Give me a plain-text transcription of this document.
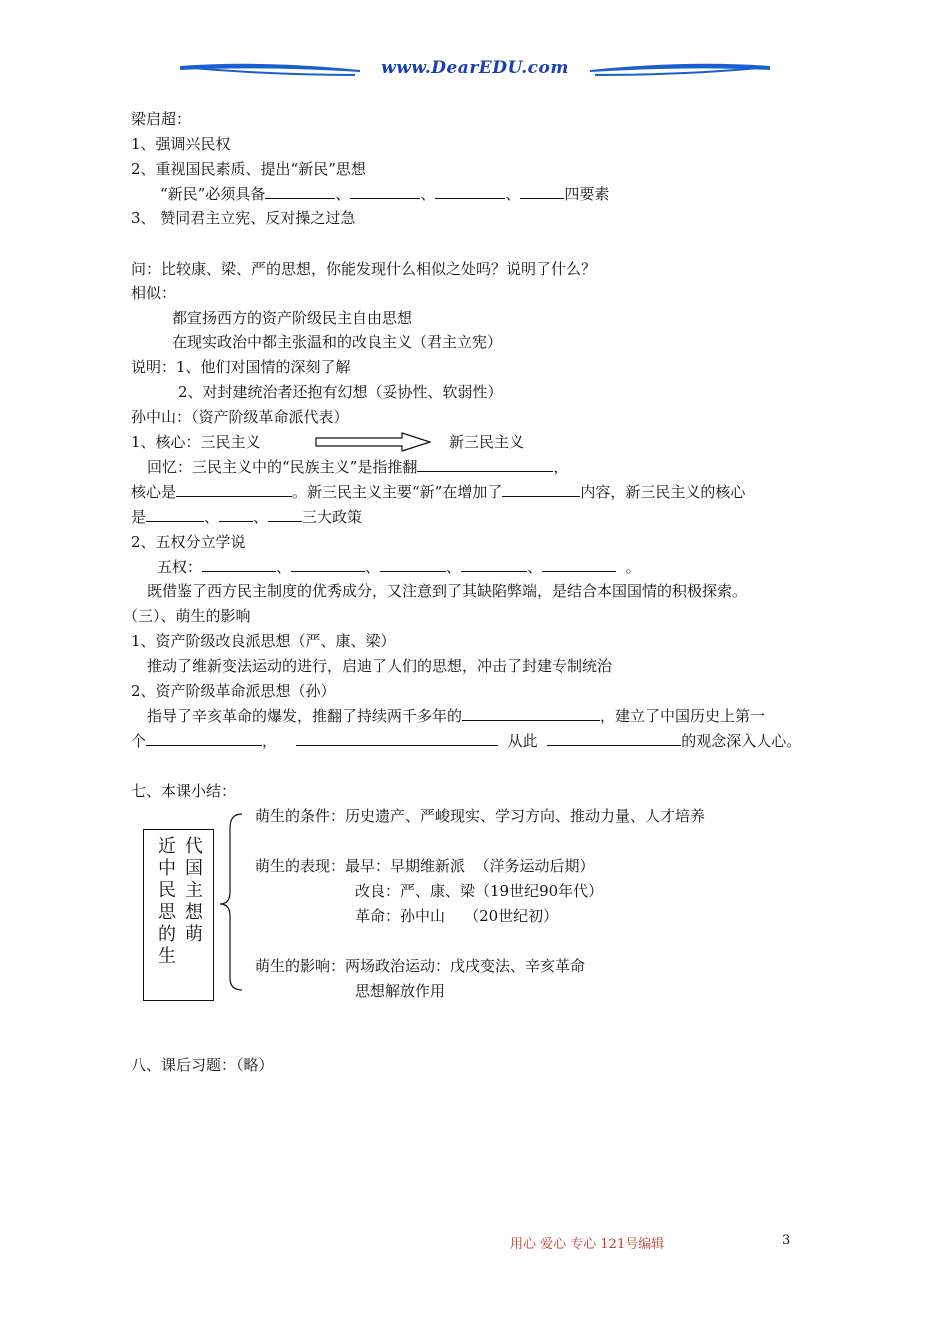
www.DearEDU.com
梁启超：
1、强调兴民权
2、重视国民素质、提出“新民”思想
“新民”必须具备	、	、	、	四要素
3、 赞同君主立宪、反对操之过急
问：比较康、梁、严的思想，你能发现什么相似之处吗？说明了什么？
相似：
都宣扬西方的资产阶级民主自由思想
在现实政治中都主张温和的改良主义（君主立宪）
说明：1、他们对国情的深刻了解
2、对封建统治者还抱有幻想（妥协性、软弱性）
孙中山：（资产阶级革命派代表）
1、核心：三民主义	新三民主义
回忆：三民主义中的“民族主义”是指推翻	，
核心是	。新三民主义主要“新”在增加了	内容，新三民主义的核心
是	、 、 三大政策
2、五权分立学说
五权：	、	、	、	、	。
既借鉴了西方民主制度的优秀成分，又注意到了其缺陷弊端，是结合本国国情的积极探索。
（三）、萌生的影响
1、资产阶级改良派思想（严、康、梁）
推动了维新变法运动的进行，启迪了人们的思想，冲击了封建专制统治
2、资产阶级革命派思想（孙）
指导了辛亥革命的爆发，推翻了持续两千多年的	，建立了中国历史上第一
个	，	从此	的观念深入人心。
七、本课小结：
代
国
主
想
萌
近
中
民
思
的
生
萌生的条件：历史遗产、严峻现实、学习方向、推动力量、人才培养
萌生的表现：最早：早期维新派  （洋务运动后期）
改良：严、康、梁（19世纪90年代）
革命：孙中山    （20世纪初）
萌生的影响：两场政治运动：戊戌变法、辛亥革命
思想解放作用
八、课后习题：（略）
用心 爱心 专心 121号编辑	3
